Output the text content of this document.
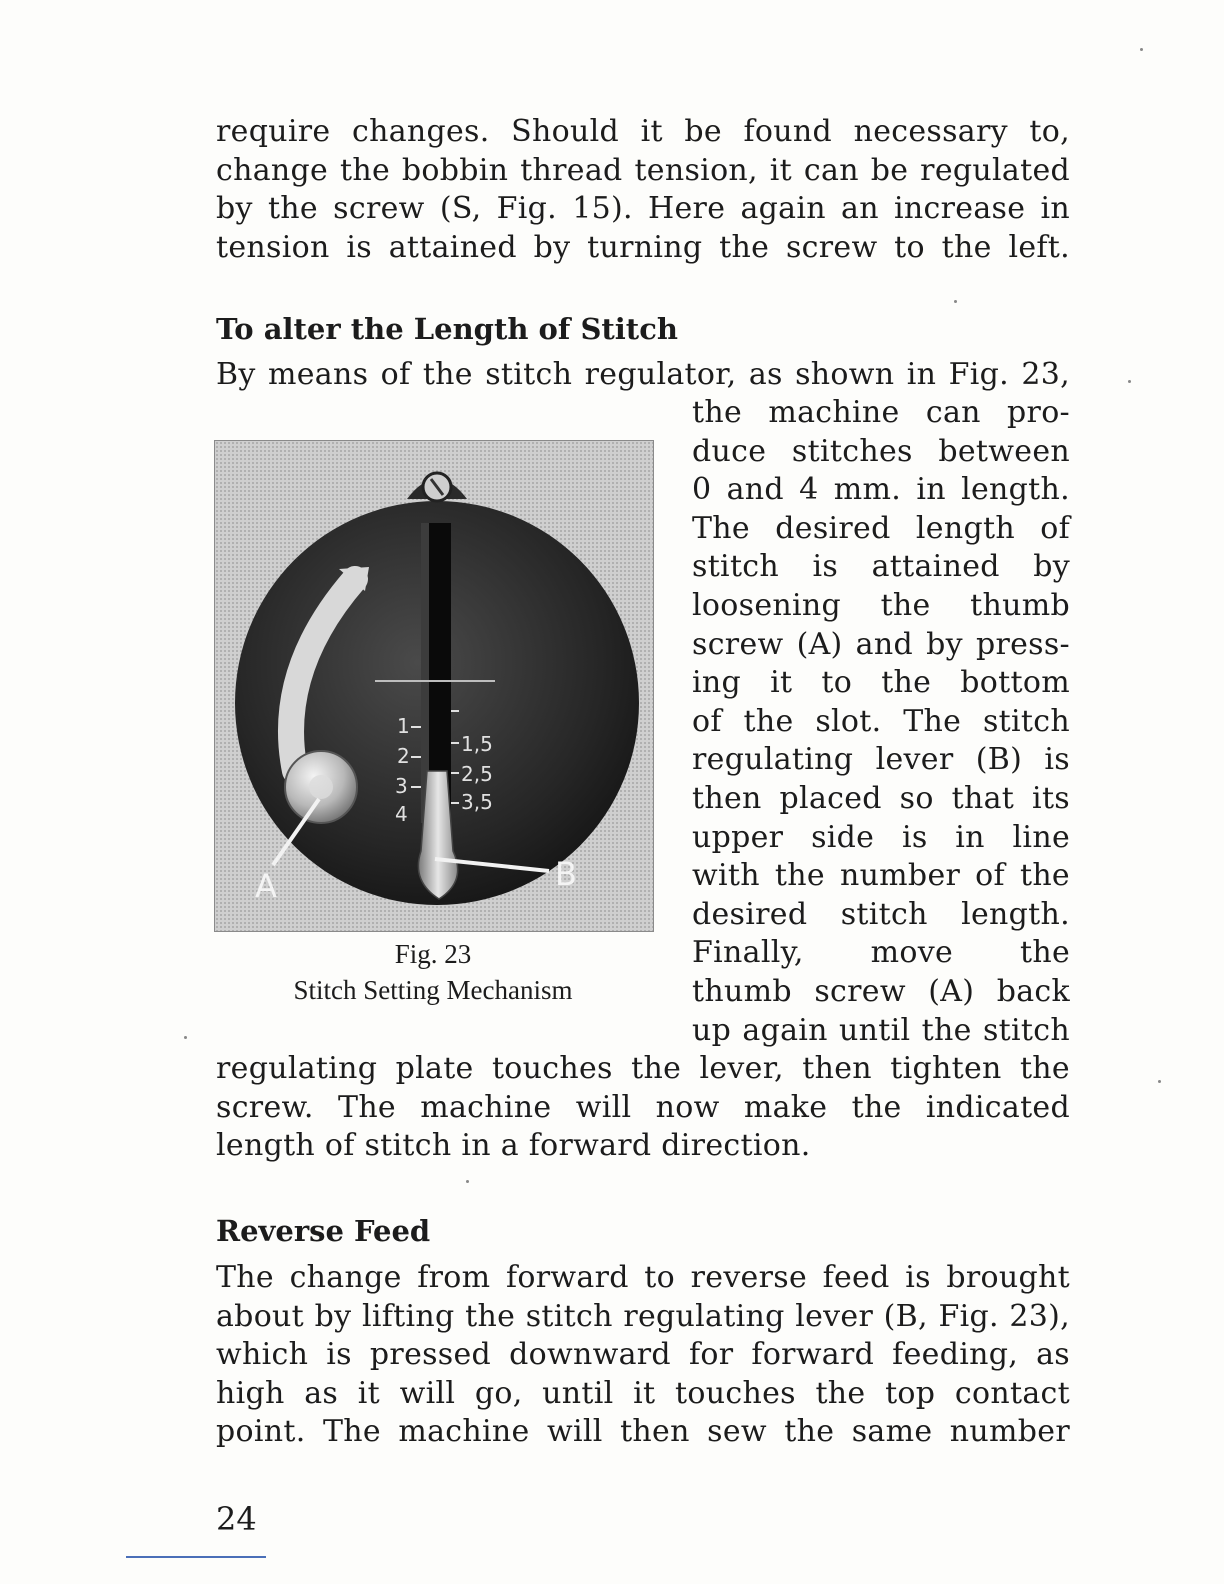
require changes. Should it be found necessary to,
change the bobbin thread tension, it can be regulated
by the screw (S, Fig. 15). Here again an increase in
tension is attained by turning the screw to the left.
To alter the Length of Stitch
By means of the stitch regulator, as shown in Fig. 23,
the machine can pro-
duce stitches between
0 and 4 mm. in length.
The desired length of
stitch is attained by
loosening the thumb
screw (A) and by press-
ing it to the bottom
of the slot. The stitch
regulating lever (B) is
then placed so that its
upper side is in line
with the number of the
desired stitch length.
Finally, move the
thumb screw (A) back
up again until the stitch
1
2
3
4
1,5
2,5
3,5
A	B

Fig. 23

Stitch Setting Mechanism

regulating plate touches the lever, then tighten the
screw. The machine will now make the indicated
length of stitch in a forward direction.
Reverse Feed
The change from forward to reverse feed is brought
about by lifting the stitch regulating lever (B, Fig. 23),
which is pressed downward for forward feeding, as
high as it will go, until it touches the top contact
point. The machine will then sew the same number

24
